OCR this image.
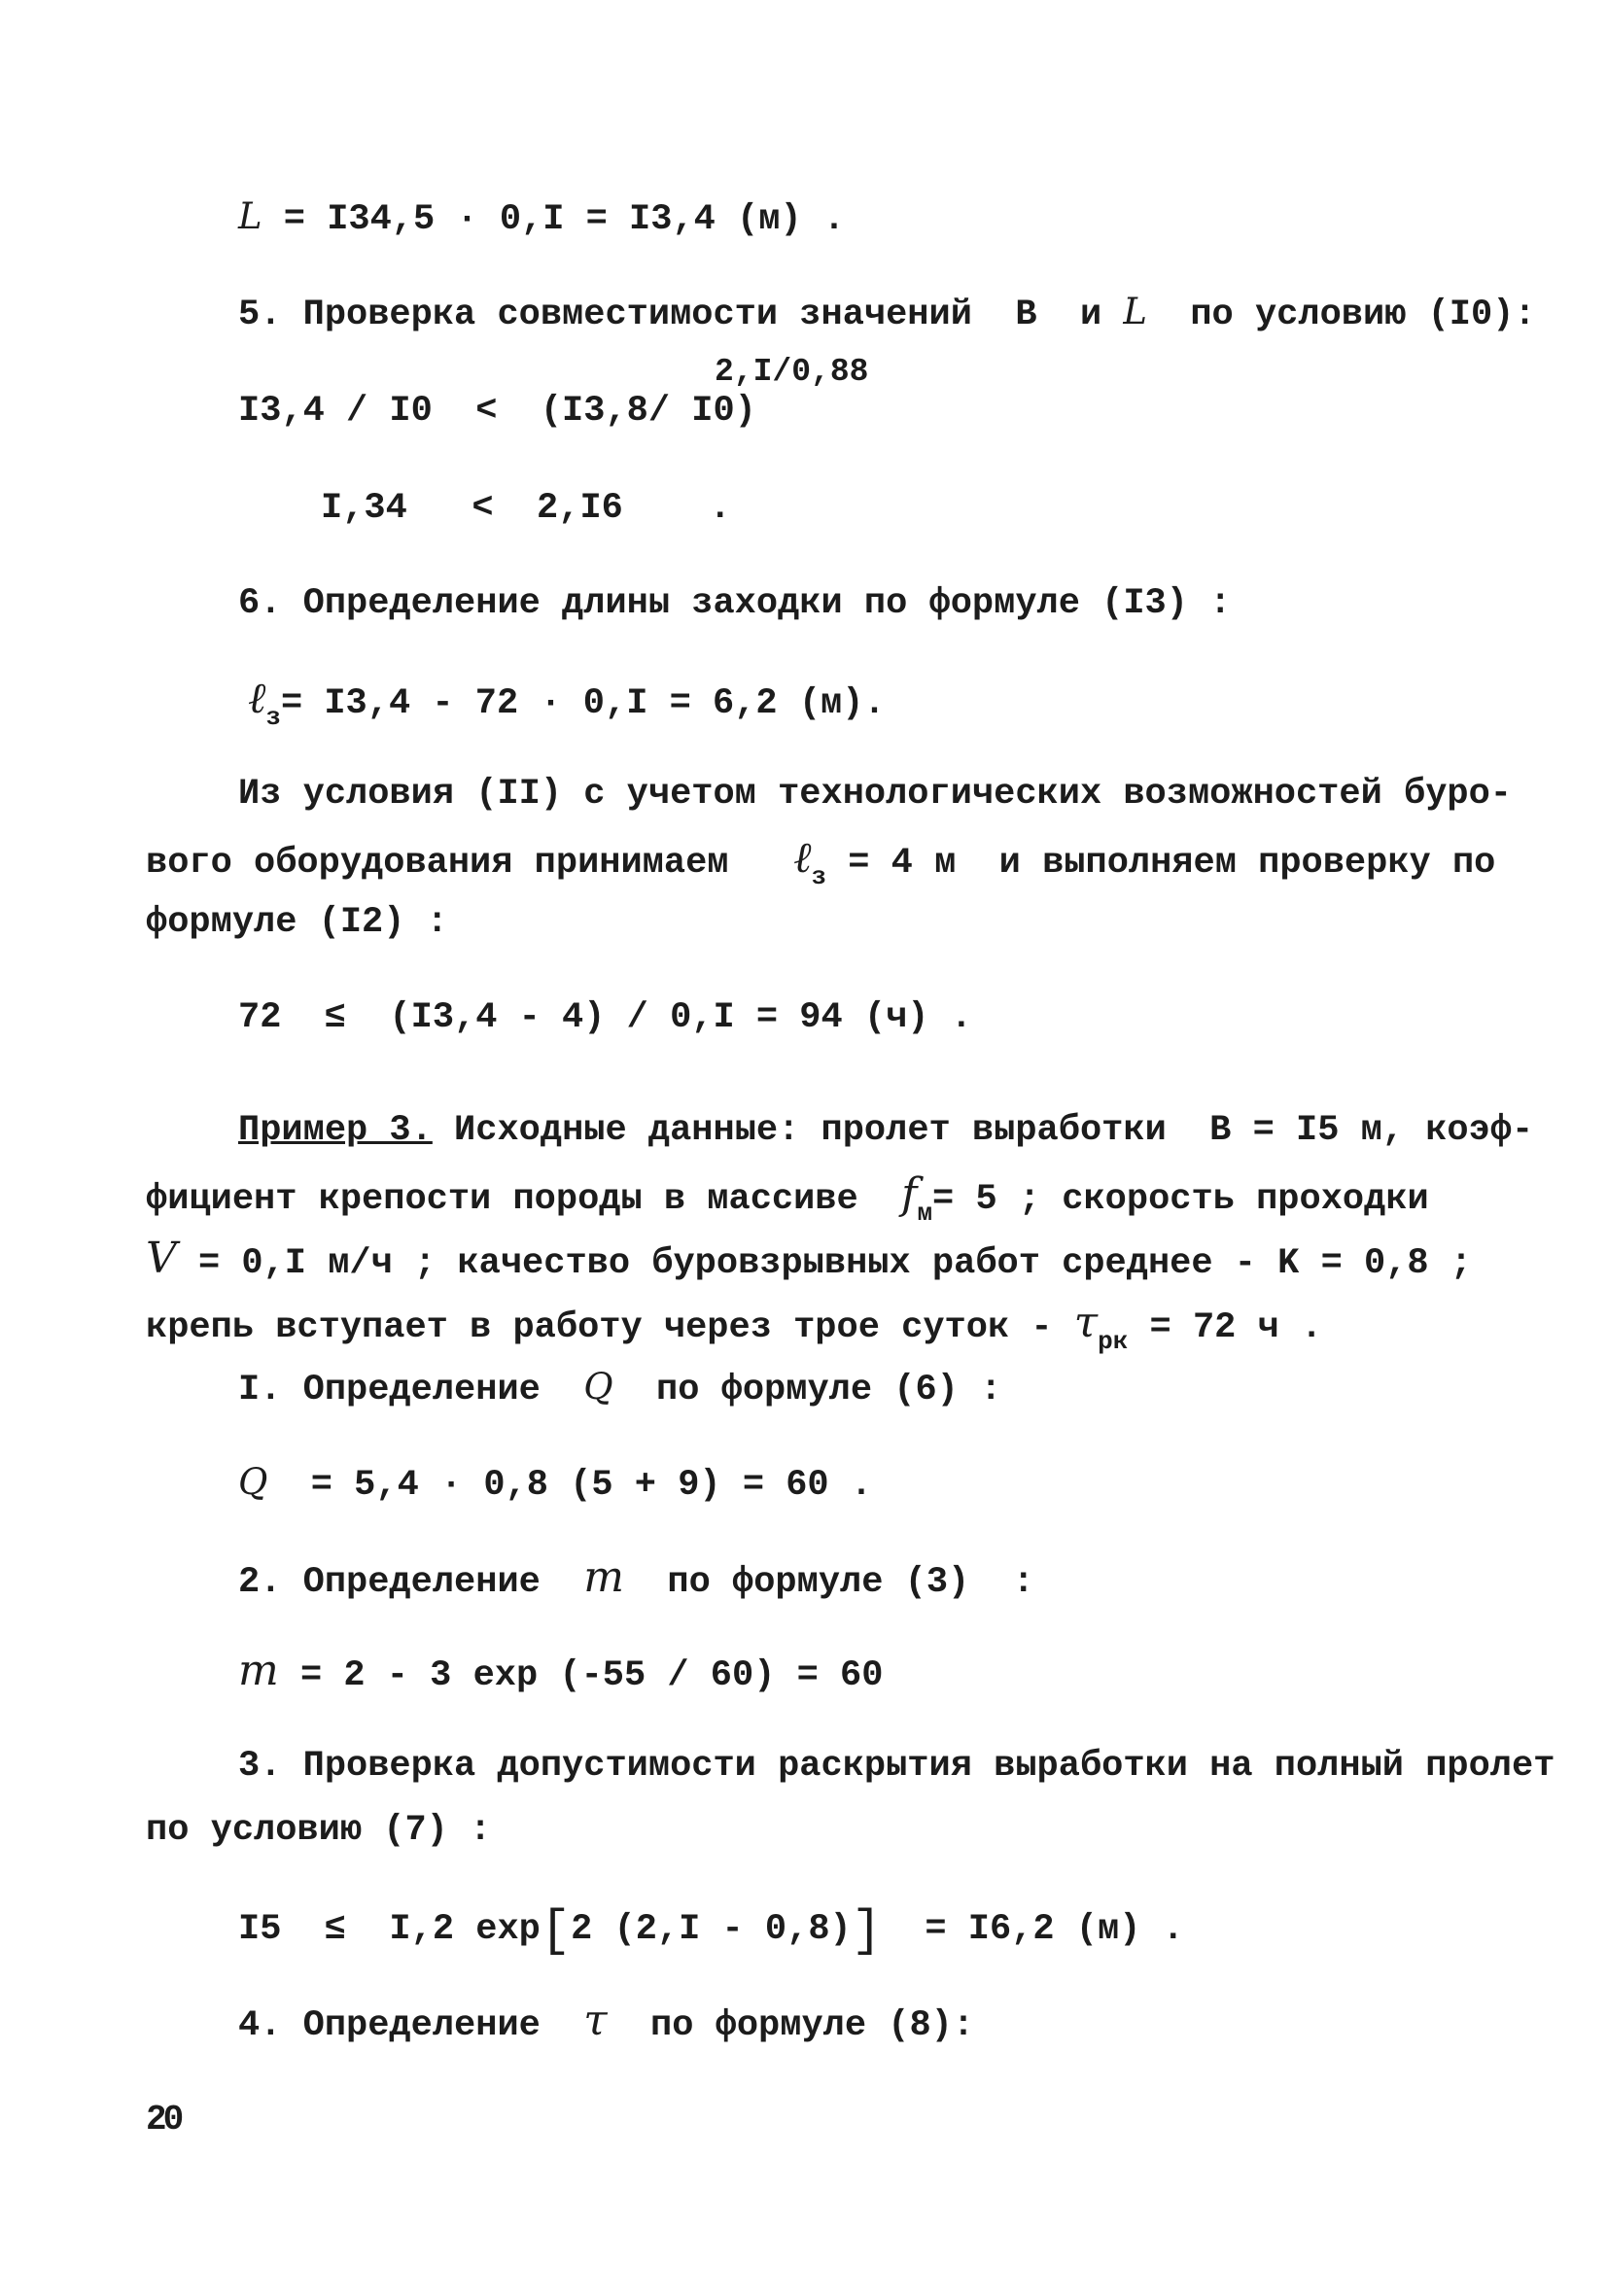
L = I34,5 · 0,I = I3,4 (м) .
5. Проверка совместимости значений  B  и L  по условию (I0):
2,I/0,88
I3,4 / I0  <  (I3,8/ I0)
I,34   <  2,I6    .
6. Определение длины заходки по формуле (I3) :
ℓ$_з$= I3,4 - 72 · 0,I = 6,2 (м).
Из условия (II) с учетом технологических возможностей буро-
вого оборудования принимаем   ℓ$_з$ = 4 м  и выполняем проверку по
формуле (I2) :
72  ≤  (I3,4 - 4) / 0,I = 94 (ч) .
Пример 3. Исходные данные: пролет выработки  B = I5 м, коэф-
фициент крепости породы в массиве  $f_м= 5$ ; скорость проходки
V = 0,I м/ч ; качество буровзрывных работ среднее - K = 0,8 ;
крепь вступает в работу через трое суток - $\tau_{рк} = 72$ ч .
I. Определение  Q  по формуле (6) :
Q  = 5,4 · 0,8 (5 + 9) = 60 .
2. Определение  m  по формуле (3)  :
m = 2 - 3 exp (-55 / 60) = 60
3. Проверка допустимости раскрытия выработки на полный пролет
по условию (7) :
I5  ≤  I,2 exp[2 (2,I - 0,8)]  = I6,2 (м) .
4. Определение  τ  по формуле (8):
20
